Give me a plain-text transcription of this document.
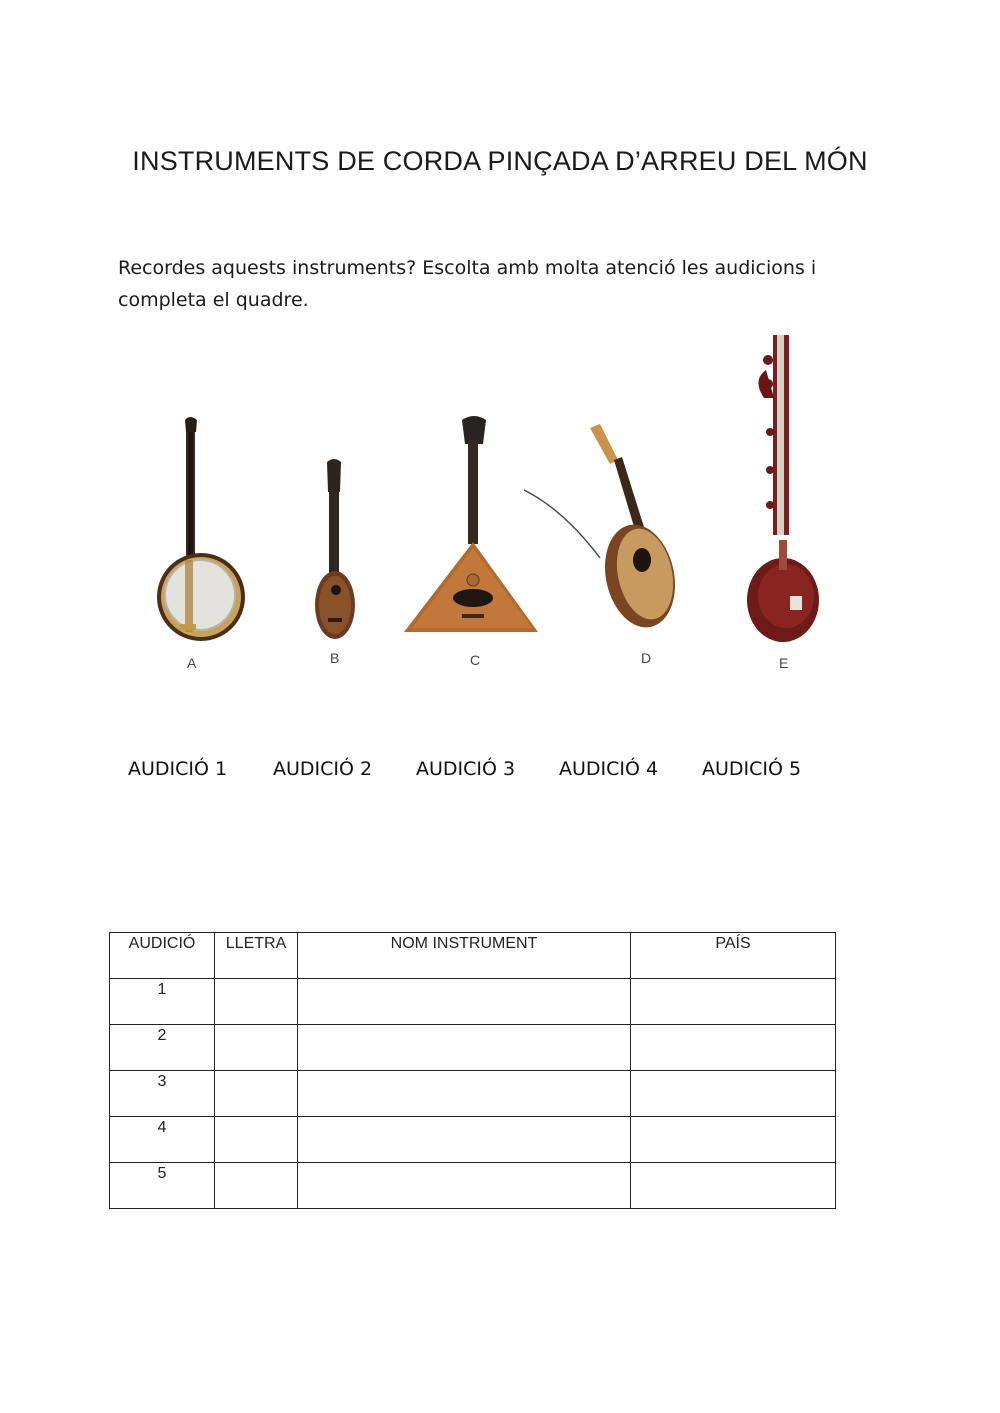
INSTRUMENTS DE CORDA PINÇADA D’ARREU DEL MÓN
Recordes aquests instruments? Escolta amb molta atenció les audicions i
completa el quadre.
A	B	C	D	E
AUDICIÓ 1 AUDICIÓ 2 AUDICIÓ 3 AUDICIÓ 4 AUDICIÓ 5
AUDICIÓ	LLETRA	NOM INSTRUMENT	PAÍS
1			
2			
3			
4			
5			
